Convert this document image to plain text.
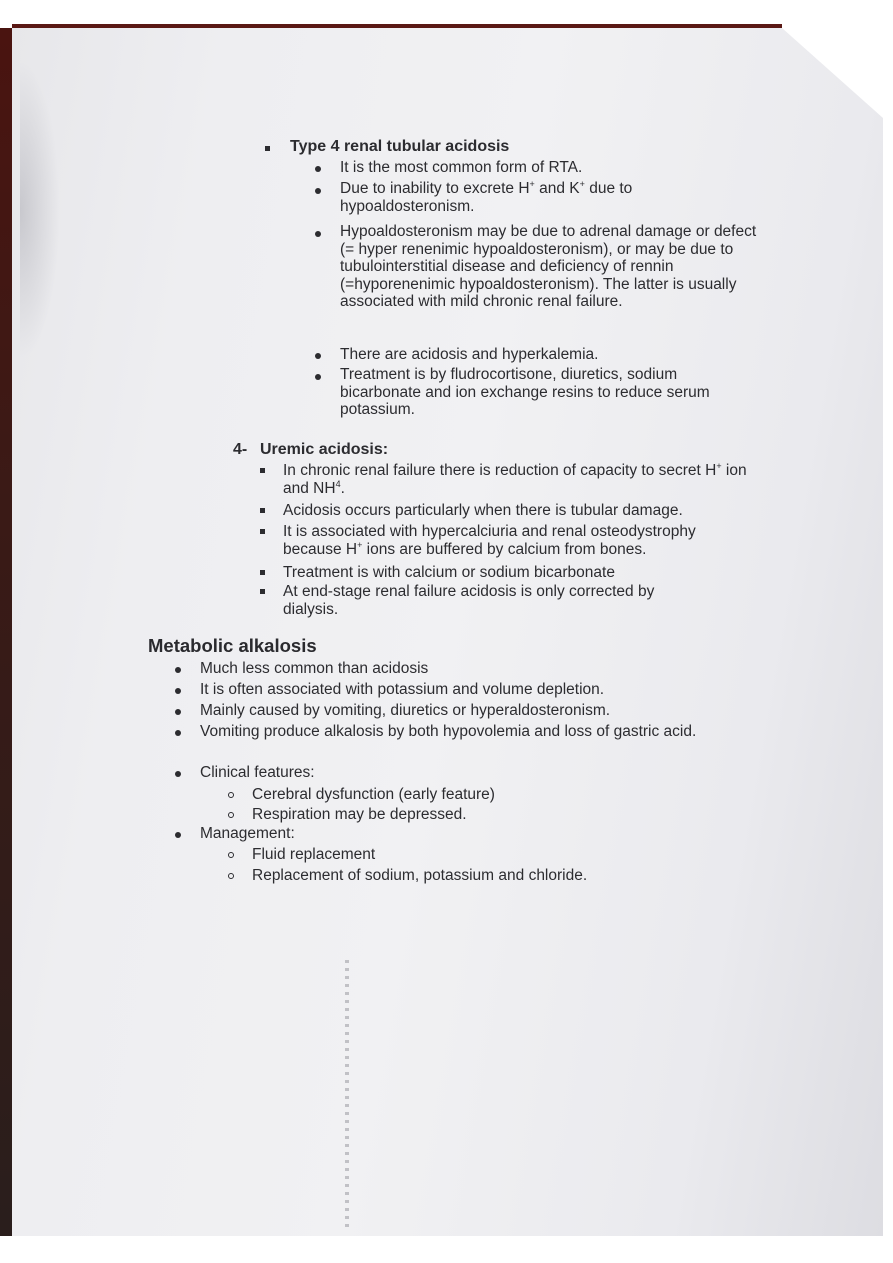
Type 4 renal tubular acidosis
It is the most common form of RTA.
Due to inability to excrete H+ and K+ due to hypoaldosteronism.
Hypoaldosteronism may be due to adrenal damage or defect (= hyper renenimic hypoaldosteronism), or may be due to tubulointerstitial disease and deficiency of rennin (=hyporenenimic hypoaldosteronism). The latter is usually associated with mild chronic renal failure.
There are acidosis and hyperkalemia.
Treatment is by fludrocortisone, diuretics, sodium bicarbonate and ion exchange resins to reduce serum potassium.
4- Uremic acidosis:
In chronic renal failure there is reduction of capacity to secret H+ ion and $NH^4$.
Acidosis occurs particularly when there is tubular damage.
It is associated with hypercalciuria and renal osteodystrophy because H+ ions are buffered by calcium from bones.
Treatment is with calcium or sodium bicarbonate
At end-stage renal failure acidosis is only corrected by dialysis.
Metabolic alkalosis
Much less common than acidosis
It is often associated with potassium and volume depletion.
Mainly caused by vomiting, diuretics or hyperaldosteronism.
Vomiting produce alkalosis by both hypovolemia and loss of gastric acid.
Clinical features:
Cerebral dysfunction (early feature)
Respiration may be depressed.
Management:
Fluid replacement
Replacement of sodium, potassium and chloride.
